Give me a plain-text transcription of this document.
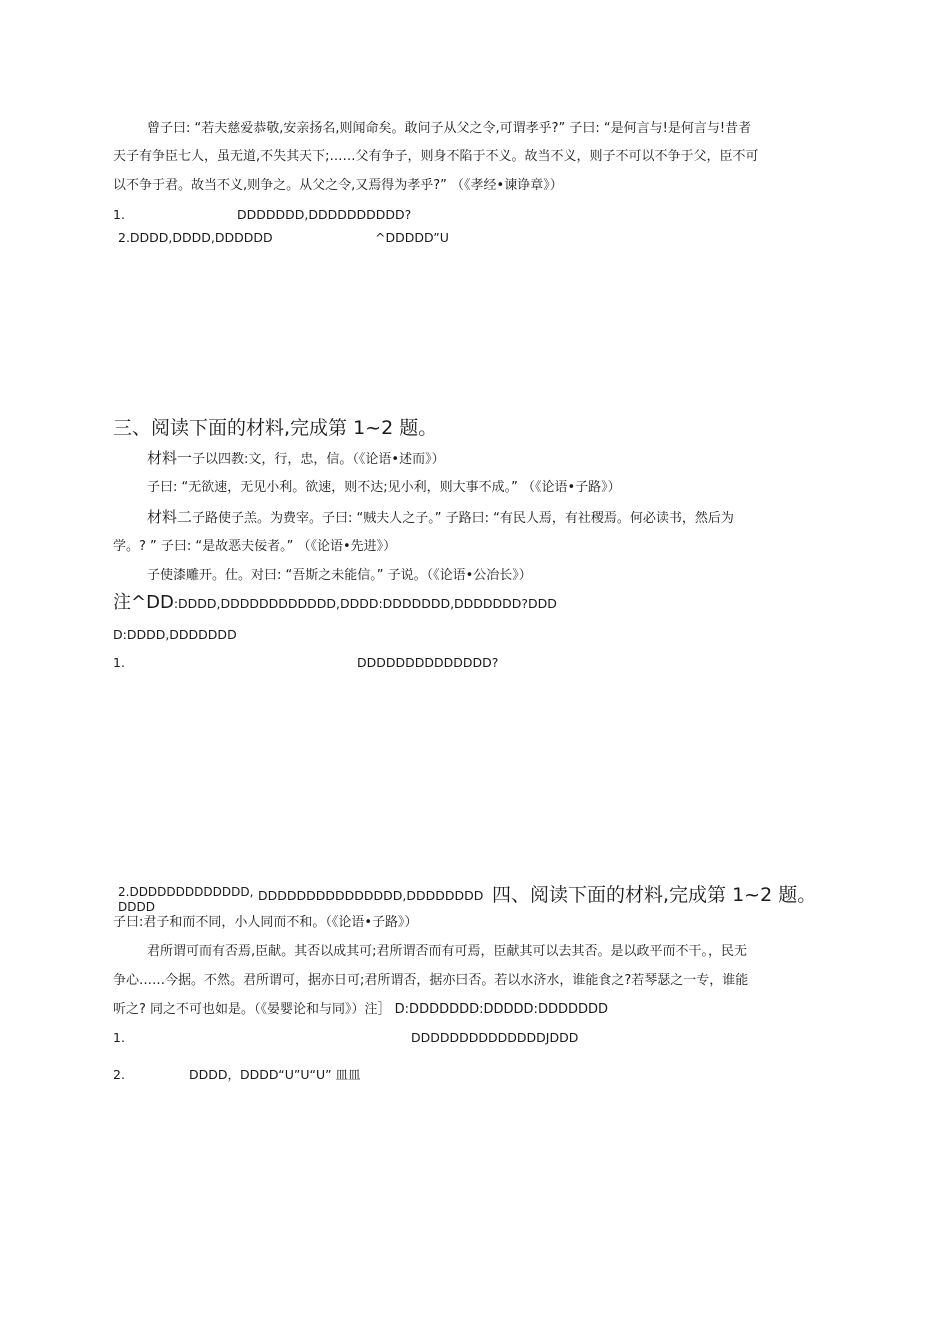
曾子曰: “若夫慈爱恭敬,安亲扬名,则闻命矣。敢问子从父之令,可谓孝乎?” 子曰: “是何言与!是何言与!昔者
天子有争臣七人，虽无道,不失其天下;……父有争子，则身不陷于不义。故当不义，则子不可以不争于父，臣不可
以不争于君。故当不义,则争之。从父之令,又焉得为孝乎?” （《孝经•谏诤章》）
1.	DDDDDDD,DDDDDDDDDD?
2.DDDD,DDDD,DDDDDD	^DDDDD”U
三、阅读下面的材料,完成第 1~2 题。
材料一子以四教:文，行，忠，信。（《论语•述而》）
子曰: “无欲速，无见小利。欲速，则不达;见小利，则大事不成。” （《论语•子路》）
材料二子路使子羔。为费宰。子曰: “贼夫人之子。” 子路曰: “有民人焉，有社稷焉。何必读书，然后为
学。? ” 子曰: “是故恶夫佞者。” （《论语•先进》）
子使漆雕开。仕。对曰: “吾斯之未能信。” 子说。（《论语•公冶长》）
注^DD:DDDD,DDDDDDDDDDDD,DDDD:DDDDDDD,DDDDDDD?DDD
D:DDDD,DDDDDDD
1.	DDDDDDDDDDDDDD?
2.DDDDDDDDDDDDD,
DDDD
DDDDDDDDDDDDDDD,DDDDDDDD 四、阅读下面的材料,完成第 1~2 题。
子曰:君子和而不同，小人同而不和。（《论语•子路》）
君所谓可而有否焉,臣献。其否以成其可;君所谓否而有可焉，臣献其可以去其否。是以政平而不干。，民无
争心……今据。不然。君所谓可，据亦日可;君所谓否，据亦曰否。若以水济水，谁能食之?若琴瑟之一专，谁能
听之? 同之不可也如是。（《晏婴论和与同》）注］ D:DDDDDDD:DDDDD:DDDDDDD
1.	DDDDDDDDDDDDDDJDDD
2.	DDDD，DDDD“U”U“U” 皿皿
